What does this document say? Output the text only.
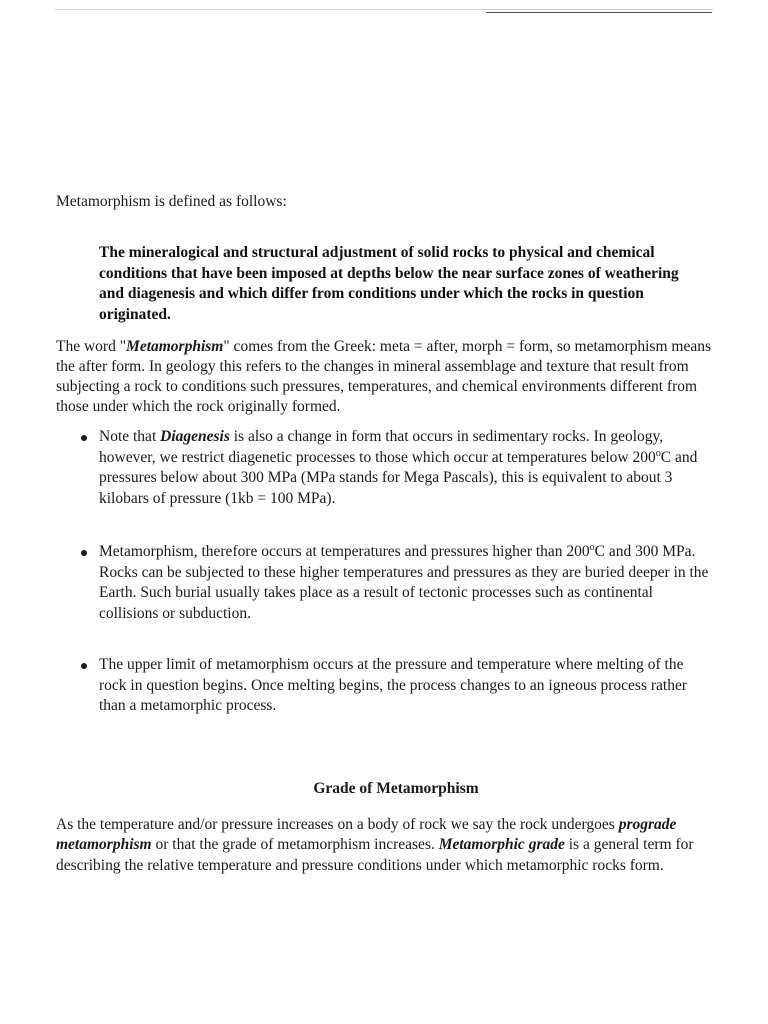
Metamorphism is defined as follows:

The mineralogical and structural adjustment of solid rocks to physical and chemical conditions that have been imposed at depths below the near surface zones of weathering and diagenesis and which differ from conditions under which the rocks in question originated.

The word "Metamorphism" comes from the Greek: meta = after, morph = form, so metamorphism means the after form. In geology this refers to the changes in mineral assemblage and texture that result from subjecting a rock to conditions such pressures, temperatures, and chemical environments different from those under which the rock originally formed.

Note that Diagenesis is also a change in form that occurs in sedimentary rocks. In geology, however, we restrict diagenetic processes to those which occur at temperatures below 200$^o$C and pressures below about 300 MPa (MPa stands for Mega Pascals), this is equivalent to about 3 kilobars of pressure (1kb = 100 MPa).
Metamorphism, therefore occurs at temperatures and pressures higher than 200$^o$C and 300 MPa. Rocks can be subjected to these higher temperatures and pressures as they are buried deeper in the Earth. Such burial usually takes place as a result of tectonic processes such as continental collisions or subduction.
The upper limit of metamorphism occurs at the pressure and temperature where melting of the rock in question begins. Once melting begins, the process changes to an igneous process rather than a metamorphic process.
Grade of Metamorphism

As the temperature and/or pressure increases on a body of rock we say the rock undergoes prograde metamorphism or that the grade of metamorphism increases. Metamorphic grade is a general term for describing the relative temperature and pressure conditions under which metamorphic rocks form.
